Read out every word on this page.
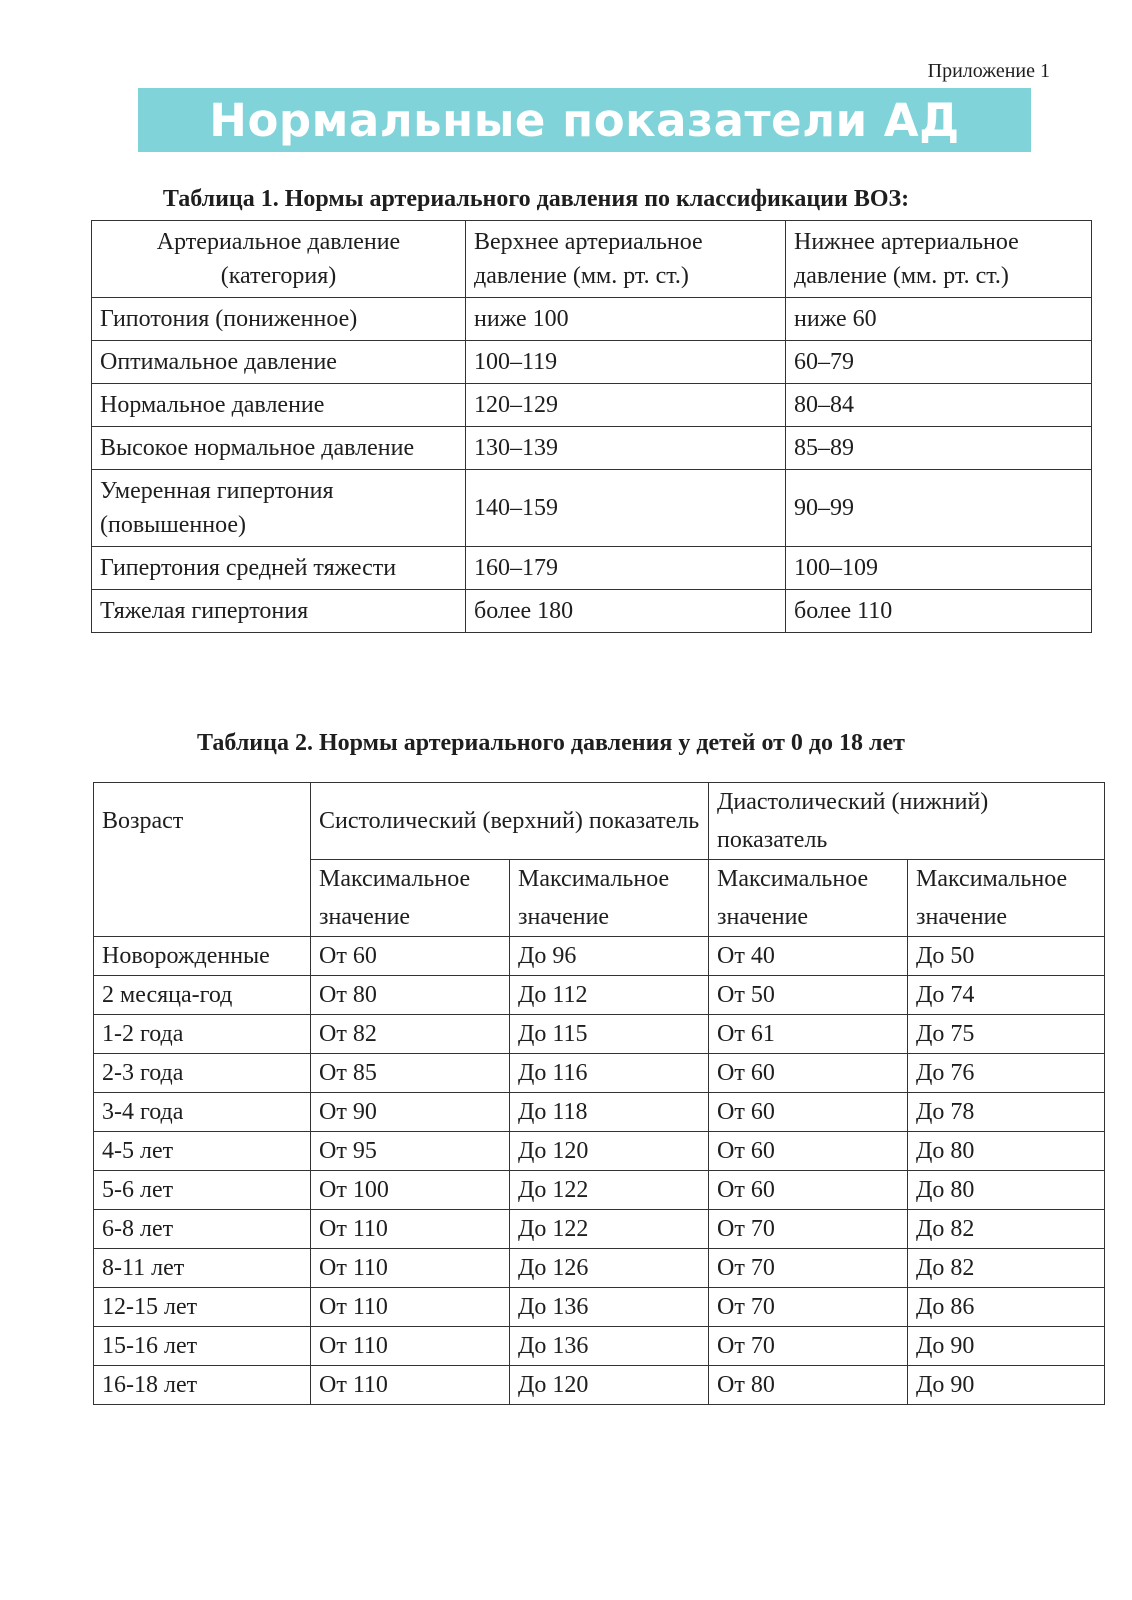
Приложение 1
Нормальные показатели АД
Таблица 1. Нормы артериального давления по классификации ВОЗ:
Артериальное давление (категория)	Верхнее артериальное давление (мм. рт. ст.)	Нижнее артериальное давление (мм. рт. ст.)
Гипотония (пониженное)	ниже 100	ниже 60
Оптимальное давление	100–119	60–79
Нормальное давление	120–129	80–84
Высокое нормальное давление	130–139	85–89
Умеренная гипертония (повышенное)	140–159	90–99
Гипертония средней тяжести	160–179	100–109
Тяжелая гипертония	более 180	более 110
Таблица 2. Нормы артериального давления у детей от 0 до 18 лет
Возраст	Систолический (верхний) показатель		Диастолический (нижний) показатель	
	Максимальное значение	Максимальное значение	Максимальное значение	Максимальное значение
Новорожденные	От 60	До 96	От 40	До 50
2 месяца-год	От 80	До 112	От 50	До 74
1-2 года	От 82	До 115	От 61	До 75
2-3 года	От 85	До 116	От 60	До 76
3-4 года	От 90	До 118	От 60	До 78
4-5 лет	От 95	До 120	От 60	До 80
5-6 лет	От 100	До 122	От 60	До 80
6-8 лет	От 110	До 122	От 70	До 82
8-11 лет	От 110	До 126	От 70	До 82
12-15 лет	От 110	До 136	От 70	До 86
15-16 лет	От 110	До 136	От 70	До 90
16-18 лет	От 110	До 120	От 80	До 90
